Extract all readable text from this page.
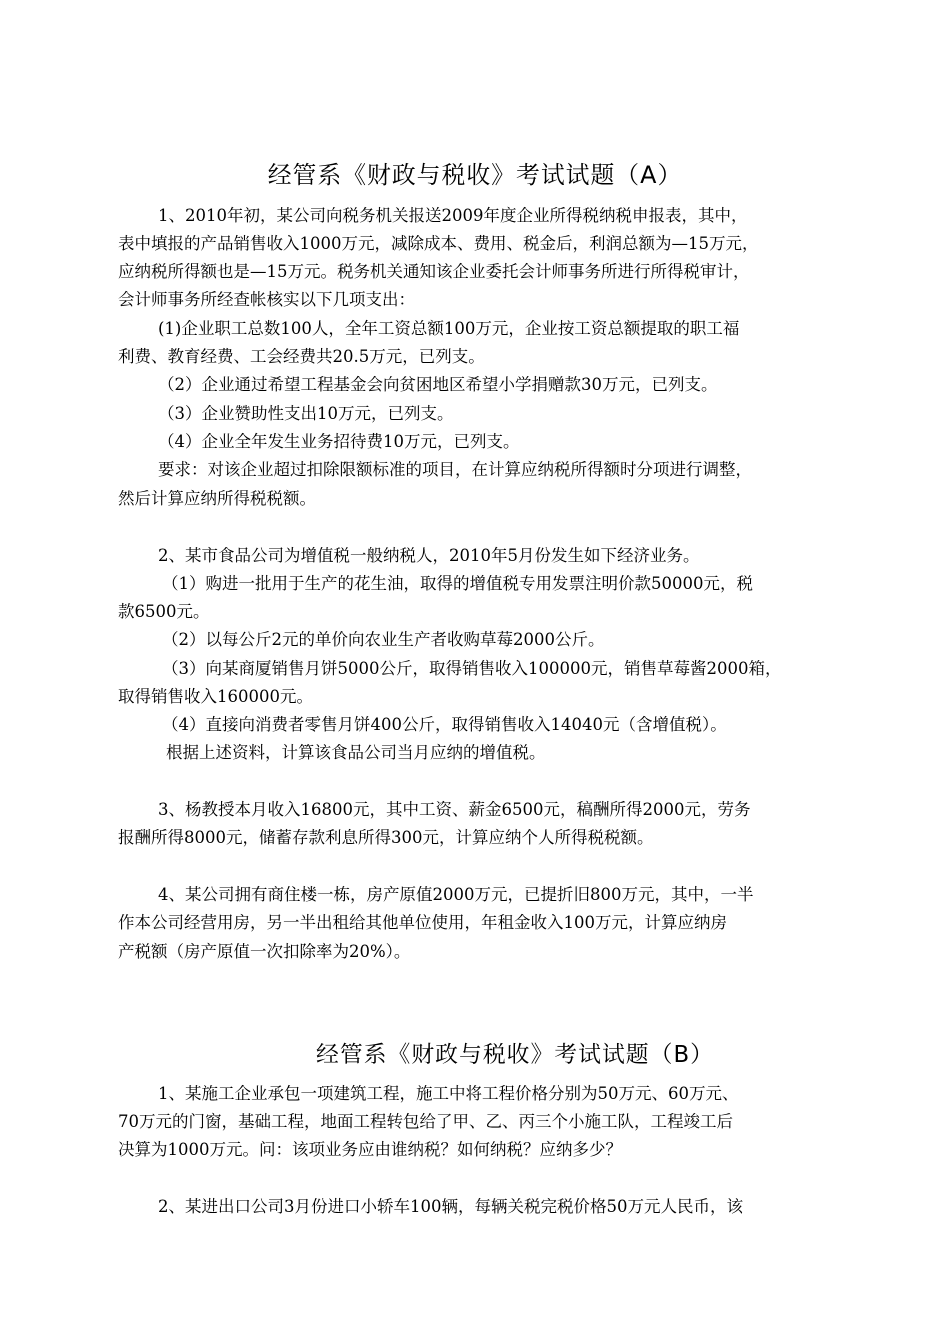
经管系《财政与税收》考试试题（A）
1、2010年初，某公司向税务机关报送2009年度企业所得税纳税申报表，其中，
表中填报的产品销售收入1000万元，减除成本、费用、税金后，利润总额为—15万元，
应纳税所得额也是—15万元。税务机关通知该企业委托会计师事务所进行所得税审计，
会计师事务所经查帐核实以下几项支出：
(1)企业职工总数100人，全年工资总额100万元，企业按工资总额提取的职工福
利费、教育经费、工会经费共20.5万元，已列支。
（2）企业通过希望工程基金会向贫困地区希望小学捐赠款30万元，已列支。
（3）企业赞助性支出10万元，已列支。
（4）企业全年发生业务招待费10万元，已列支。
要求：对该企业超过扣除限额标准的项目，在计算应纳税所得额时分项进行调整，
然后计算应纳所得税税额。
2、某市食品公司为增值税一般纳税人，2010年5月份发生如下经济业务。
（1）购进一批用于生产的花生油，取得的增值税专用发票注明价款50000元，税
款6500元。
（2）以每公斤2元的单价向农业生产者收购草莓2000公斤。
（3）向某商厦销售月饼5000公斤，取得销售收入100000元，销售草莓酱2000箱，
取得销售收入160000元。
（4）直接向消费者零售月饼400公斤，取得销售收入14040元（含增值税）。
根据上述资料，计算该食品公司当月应纳的增值税。
3、杨教授本月收入16800元，其中工资、薪金6500元，稿酬所得2000元，劳务
报酬所得8000元，储蓄存款利息所得300元，计算应纳个人所得税税额。
4、某公司拥有商住楼一栋，房产原值2000万元，已提折旧800万元，其中，一半
作本公司经营用房，另一半出租给其他单位使用，年租金收入100万元，计算应纳房
产税额（房产原值一次扣除率为20%）。
经管系《财政与税收》考试试题（B）
1、某施工企业承包一项建筑工程，施工中将工程价格分别为50万元、60万元、
70万元的门窗，基础工程，地面工程转包给了甲、乙、丙三个小施工队，工程竣工后
决算为1000万元。问：该项业务应由谁纳税？如何纳税？应纳多少？
2、某进出口公司3月份进口小轿车100辆，每辆关税完税价格50万元人民币，该
